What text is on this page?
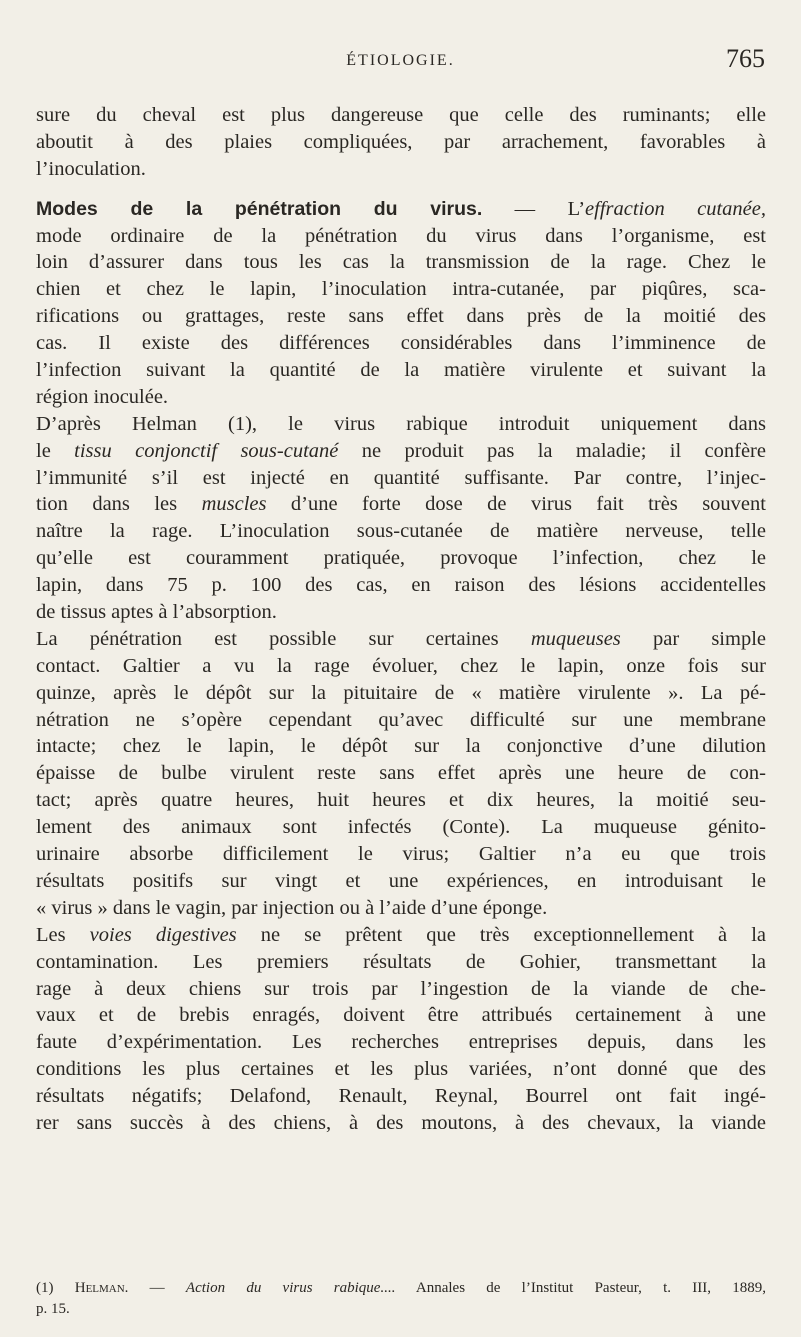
ÉTIOLOGIE.	765
sure du cheval est plus dangereuse que celle des ruminants; elle
aboutit à des plaies compliquées, par arrachement, favorables à
l’inoculation.
Modes de la pénétration du virus. — L’effraction cutanée,
mode ordinaire de la pénétration du virus dans l’organisme, est
loin d’assurer dans tous les cas la transmission de la rage. Chez le
chien et chez le lapin, l’inoculation intra-cutanée, par piqûres, sca-
rifications ou grattages, reste sans effet dans près de la moitié des
cas. Il existe des différences considérables dans l’imminence de
l’infection suivant la quantité de la matière virulente et suivant la
région inoculée.
D’après Helman (1), le virus rabique introduit uniquement dans
le tissu conjonctif sous-cutané ne produit pas la maladie; il confère
l’immunité s’il est injecté en quantité suffisante. Par contre, l’injec-
tion dans les muscles d’une forte dose de virus fait très souvent
naître la rage. L’inoculation sous-cutanée de matière nerveuse, telle
qu’elle est couramment pratiquée, provoque l’infection, chez le
lapin, dans 75 p. 100 des cas, en raison des lésions accidentelles
de tissus aptes à l’absorption.
La pénétration est possible sur certaines muqueuses par simple
contact. Galtier a vu la rage évoluer, chez le lapin, onze fois sur
quinze, après le dépôt sur la pituitaire de « matière virulente ». La pé-
nétration ne s’opère cependant qu’avec difficulté sur une membrane
intacte; chez le lapin, le dépôt sur la conjonctive d’une dilution
épaisse de bulbe virulent reste sans effet après une heure de con-
tact; après quatre heures, huit heures et dix heures, la moitié seu-
lement des animaux sont infectés (Conte). La muqueuse génito-
urinaire absorbe difficilement le virus; Galtier n’a eu que trois
résultats positifs sur vingt et une expériences, en introduisant le
« virus » dans le vagin, par injection ou à l’aide d’une éponge.
Les voies digestives ne se prêtent que très exceptionnellement à la
contamination. Les premiers résultats de Gohier, transmettant la
rage à deux chiens sur trois par l’ingestion de la viande de che-
vaux et de brebis enragés, doivent être attribués certainement à une
faute d’expérimentation. Les recherches entreprises depuis, dans les
conditions les plus certaines et les plus variées, n’ont donné que des
résultats négatifs; Delafond, Renault, Reynal, Bourrel ont fait ingé-
rer sans succès à des chiens, à des moutons, à des chevaux, la viande
(1) Helman. — Action du virus rabique.... Annales de l’Institut Pasteur, t. III, 1889,
p. 15.
